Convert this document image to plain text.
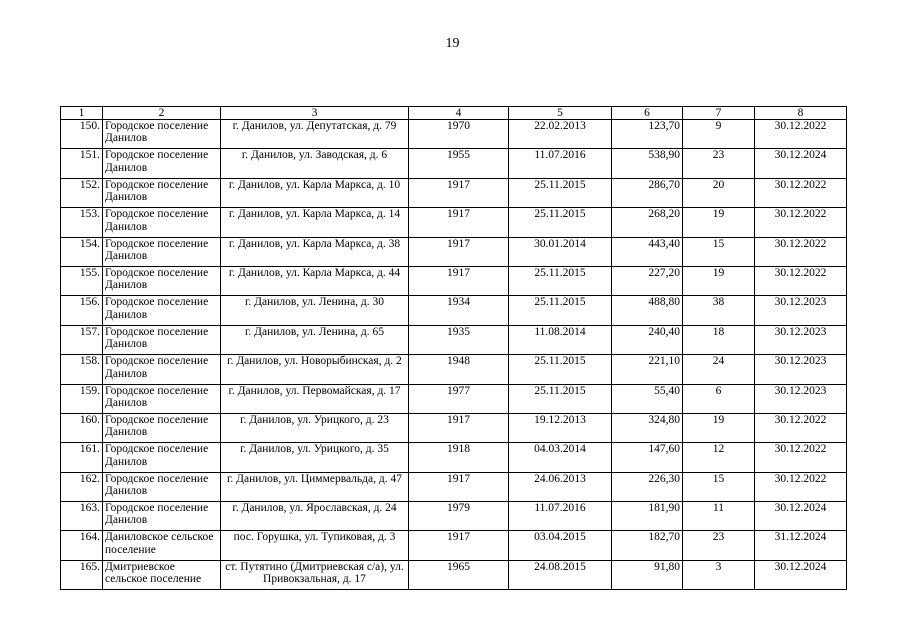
19
1	2	3	4	5	6	7	8
150.	Городское поселение Данилов	г. Данилов, ул. Депутатская, д. 79	1970	22.02.2013	123,70	9	30.12.2022
151.	Городское поселение Данилов	г. Данилов, ул. Заводская, д. 6	1955	11.07.2016	538,90	23	30.12.2024
152.	Городское поселение Данилов	г. Данилов, ул. Карла Маркса, д. 10	1917	25.11.2015	286,70	20	30.12.2022
153.	Городское поселение Данилов	г. Данилов, ул. Карла Маркса, д. 14	1917	25.11.2015	268,20	19	30.12.2022
154.	Городское поселение Данилов	г. Данилов, ул. Карла Маркса, д. 38	1917	30.01.2014	443,40	15	30.12.2022
155.	Городское поселение Данилов	г. Данилов, ул. Карла Маркса, д. 44	1917	25.11.2015	227,20	19	30.12.2022
156.	Городское поселение Данилов	г. Данилов, ул. Ленина, д. 30	1934	25.11.2015	488,80	38	30.12.2023
157.	Городское поселение Данилов	г. Данилов, ул. Ленина, д. 65	1935	11.08.2014	240,40	18	30.12.2023
158.	Городское поселение Данилов	г. Данилов, ул. Новорыбинская, д. 2	1948	25.11.2015	221,10	24	30.12.2023
159.	Городское поселение Данилов	г. Данилов, ул. Первомайская, д. 17	1977	25.11.2015	55,40	6	30.12.2023
160.	Городское поселение Данилов	г. Данилов, ул. Урицкого, д. 23	1917	19.12.2013	324,80	19	30.12.2022
161.	Городское поселение Данилов	г. Данилов, ул. Урицкого, д. 35	1918	04.03.2014	147,60	12	30.12.2022
162.	Городское поселение Данилов	г. Данилов, ул. Циммервальда, д. 47	1917	24.06.2013	226,30	15	30.12.2022
163.	Городское поселение Данилов	г. Данилов, ул. Ярославская, д. 24	1979	11.07.2016	181,90	11	30.12.2024
164.	Даниловское сельское поселение	пос. Горушка, ул. Тупиковая, д. 3	1917	03.04.2015	182,70	23	31.12.2024
165.	Дмитриевское сельское поселение	ст. Путятино (Дмитриевская с/а), ул. Привокзальная, д. 17	1965	24.08.2015	91,80	3	30.12.2024
